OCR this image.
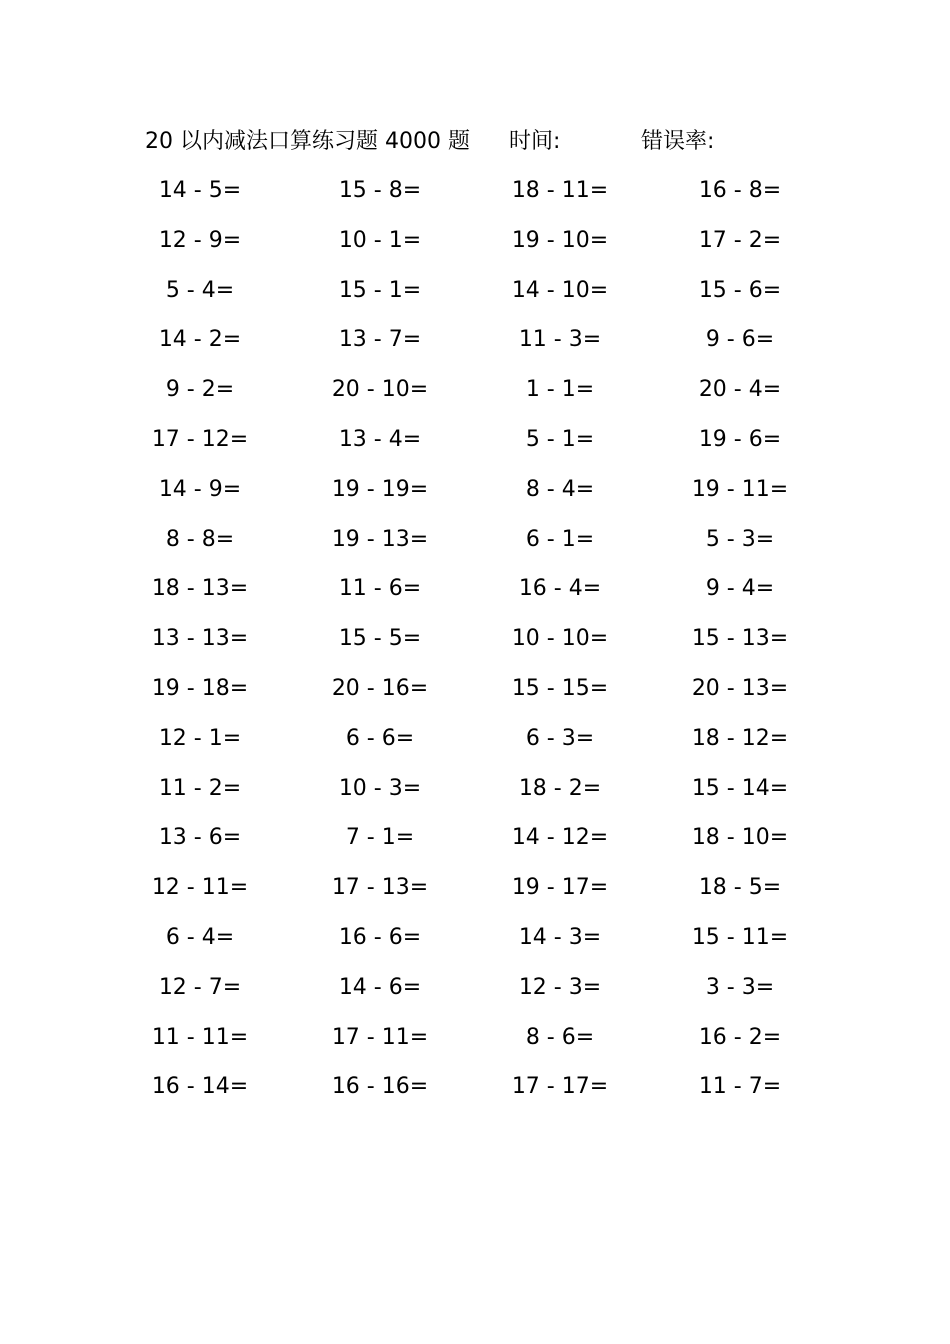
20 以内减法口算练习题 4000 题 时间:	错误率:
14 - 5=	15 - 8=	18 - 11=	16 - 8=
12 - 9=	10 - 1=	19 - 10=	17 - 2=
5 - 4=	15 - 1=	14 - 10=	15 - 6=
14 - 2=	13 - 7=	11 - 3=	9 - 6=
9 - 2=	20 - 10=	1 - 1=	20 - 4=
17 - 12=	13 - 4=	5 - 1=	19 - 6=
14 - 9=	19 - 19=	8 - 4=	19 - 11=
8 - 8=	19 - 13=	6 - 1=	5 - 3=
18 - 13=	11 - 6=	16 - 4=	9 - 4=
13 - 13=	15 - 5=	10 - 10=	15 - 13=
19 - 18=	20 - 16=	15 - 15=	20 - 13=
12 - 1=	6 - 6=	6 - 3=	18 - 12=
11 - 2=	10 - 3=	18 - 2=	15 - 14=
13 - 6=	7 - 1=	14 - 12=	18 - 10=
12 - 11=	17 - 13=	19 - 17=	18 - 5=
6 - 4=	16 - 6=	14 - 3=	15 - 11=
12 - 7=	14 - 6=	12 - 3=	3 - 3=
11 - 11=	17 - 11=	8 - 6=	16 - 2=
16 - 14=	16 - 16=	17 - 17=	11 - 7=
